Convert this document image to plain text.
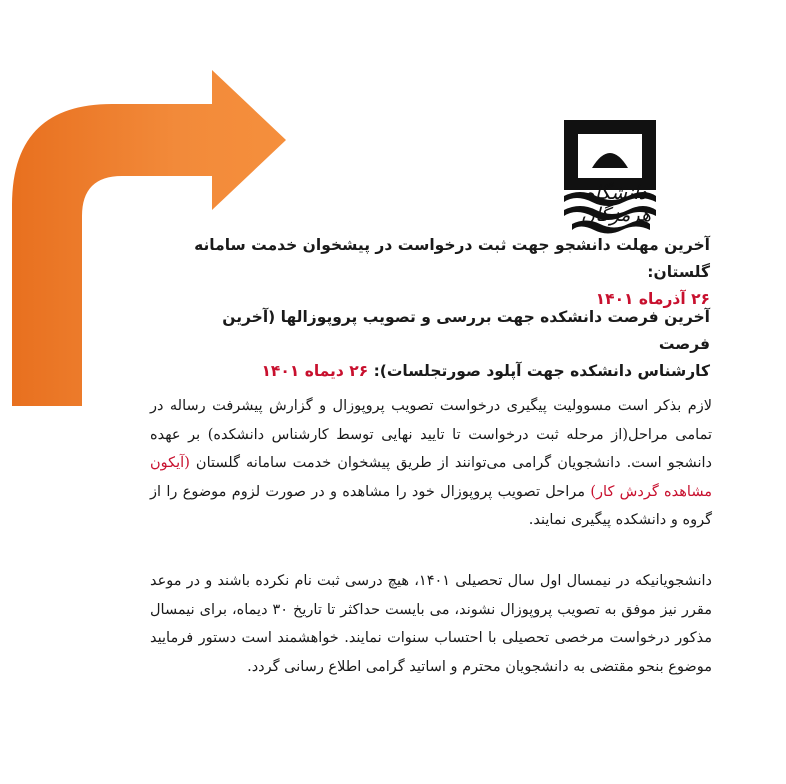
دانشگاه هرمزگان
آخرین مهلت دانشجو جهت ثبت درخواست در پیشخوان خدمت سامانه گلستان:
۲۶ آذرماه ۱۴۰۱
آخرین فرصت دانشکده جهت بررسی و تصویب پروپوزالها (آخرین فرصت
کارشناس دانشکده جهت آپلود صورتجلسات): ۲۶ دیماه ۱۴۰۱
لازم بذکر است مسوولیت پیگیری درخواست تصویب پروپوزال و گزارش پیشرفت رساله در تمامی مراحل(از مرحله ثبت درخواست تا تایید نهایی توسط کارشناس دانشکده) بر عهده دانشجو است. دانشجویان گرامی می‌توانند از طریق پیشخوان خدمت سامانه گلستان (آیکون مشاهده گردش کار) مراحل تصویب پروپوزال خود را مشاهده و در صورت لزوم موضوع را از گروه و دانشکده پیگیری نمایند.
دانشجویانیکه در نیمسال اول سال تحصیلی ۱۴۰۱، هیچ درسی ثبت نام نکرده باشند و در موعد مقرر نیز موفق به تصویب پروپوزال نشوند، می بایست حداکثر تا تاریخ ۳۰ دیماه، برای نیمسال مذکور درخواست مرخصی تحصیلی با احتساب سنوات نمایند. خواهشمند است دستور فرمایید موضوع بنحو مقتضی به دانشجویان محترم و اساتید گرامی اطلاع رسانی گردد.
